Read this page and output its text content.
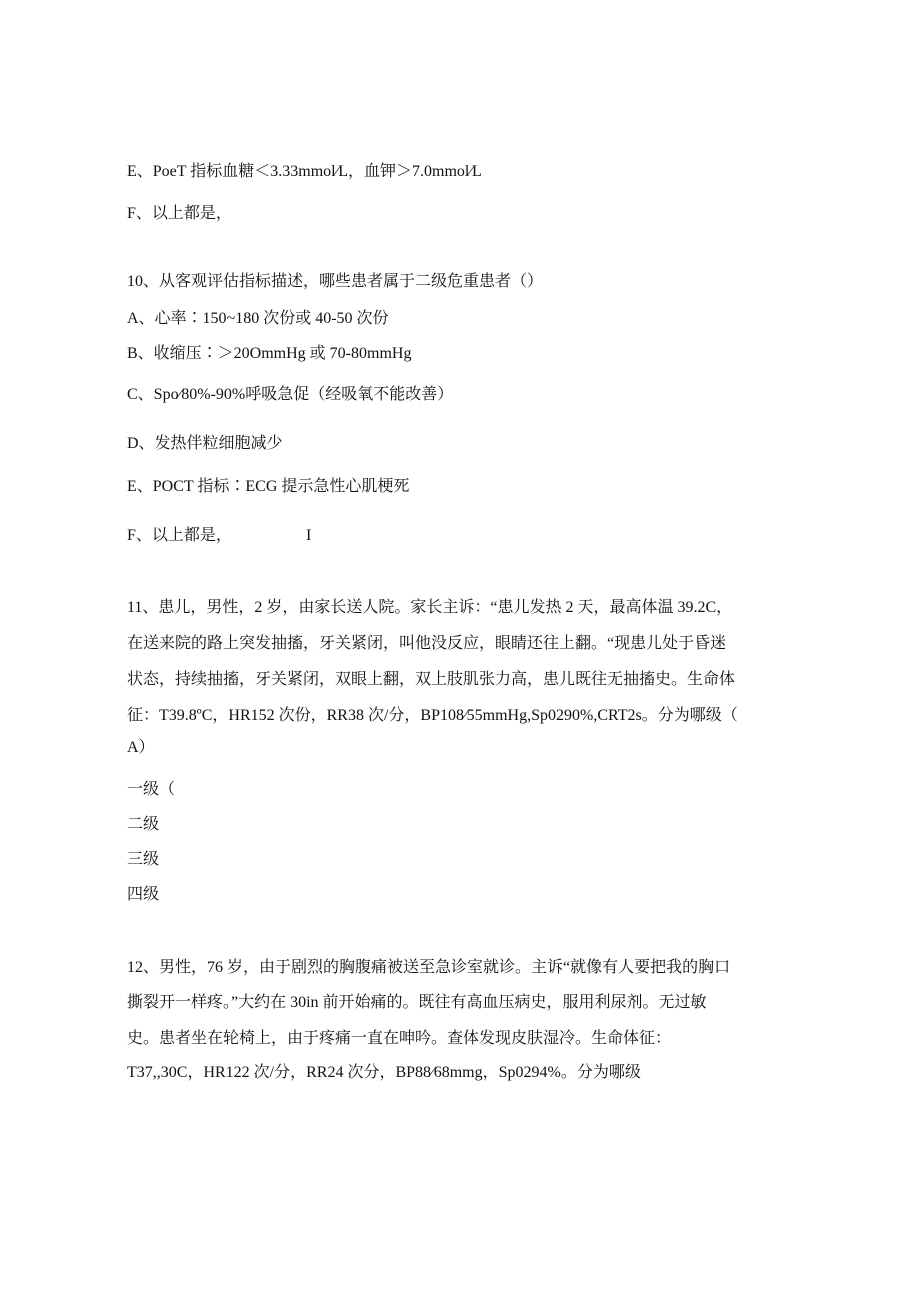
E、PoeT 指标血糖＜3.33mmol⁄L，血钾＞7.0mmol⁄L
F、以上都是，
10、从客观评估指标描述，哪些患者属于二级危重患者（）
A、心率∶150~180 次份或 40-50 次份
B、收缩压∶＞20OmmHg 或 70-80mmHg
C、Spo⁄80%-90%呼吸急促（经吸氧不能改善）
D、发热伴粒细胞减少
E、POCT 指标∶ECG 提示急性心肌梗死
F、以上都是，	I
11、患儿，男性，2 岁，由家长送人院。家长主诉：“患儿发热 2 天，最高体温 39.2C，
在送来院的路上突发抽搐，牙关紧闭，叫他没反应，眼睛还往上翻。“现患儿处于昏迷
状态，持续抽搐，牙关紧闭，双眼上翻，双上肢肌张力高，患儿既往无抽搐史。生命体
征：T39.8ºC，HR152 次份，RR38 次/分，BP108⁄55mmHg,Sp0290%,CRT2s。分为哪级（
A）
一级（
二级
三级
四级
12、男性，76 岁，由于剧烈的胸腹痛被送至急诊室就诊。主诉“就像有人要把我的胸口
撕裂开一样疼。”大约在 30in 前开始痛的。既往有高血压病史，服用利尿剂。无过敏
史。患者坐在轮椅上，由于疼痛一直在呻吟。查体发现皮肤湿冷。生命体征：
T37,,30C，HR122 次/分，RR24 次分，BP88⁄68mmg，Sp0294%。分为哪级
